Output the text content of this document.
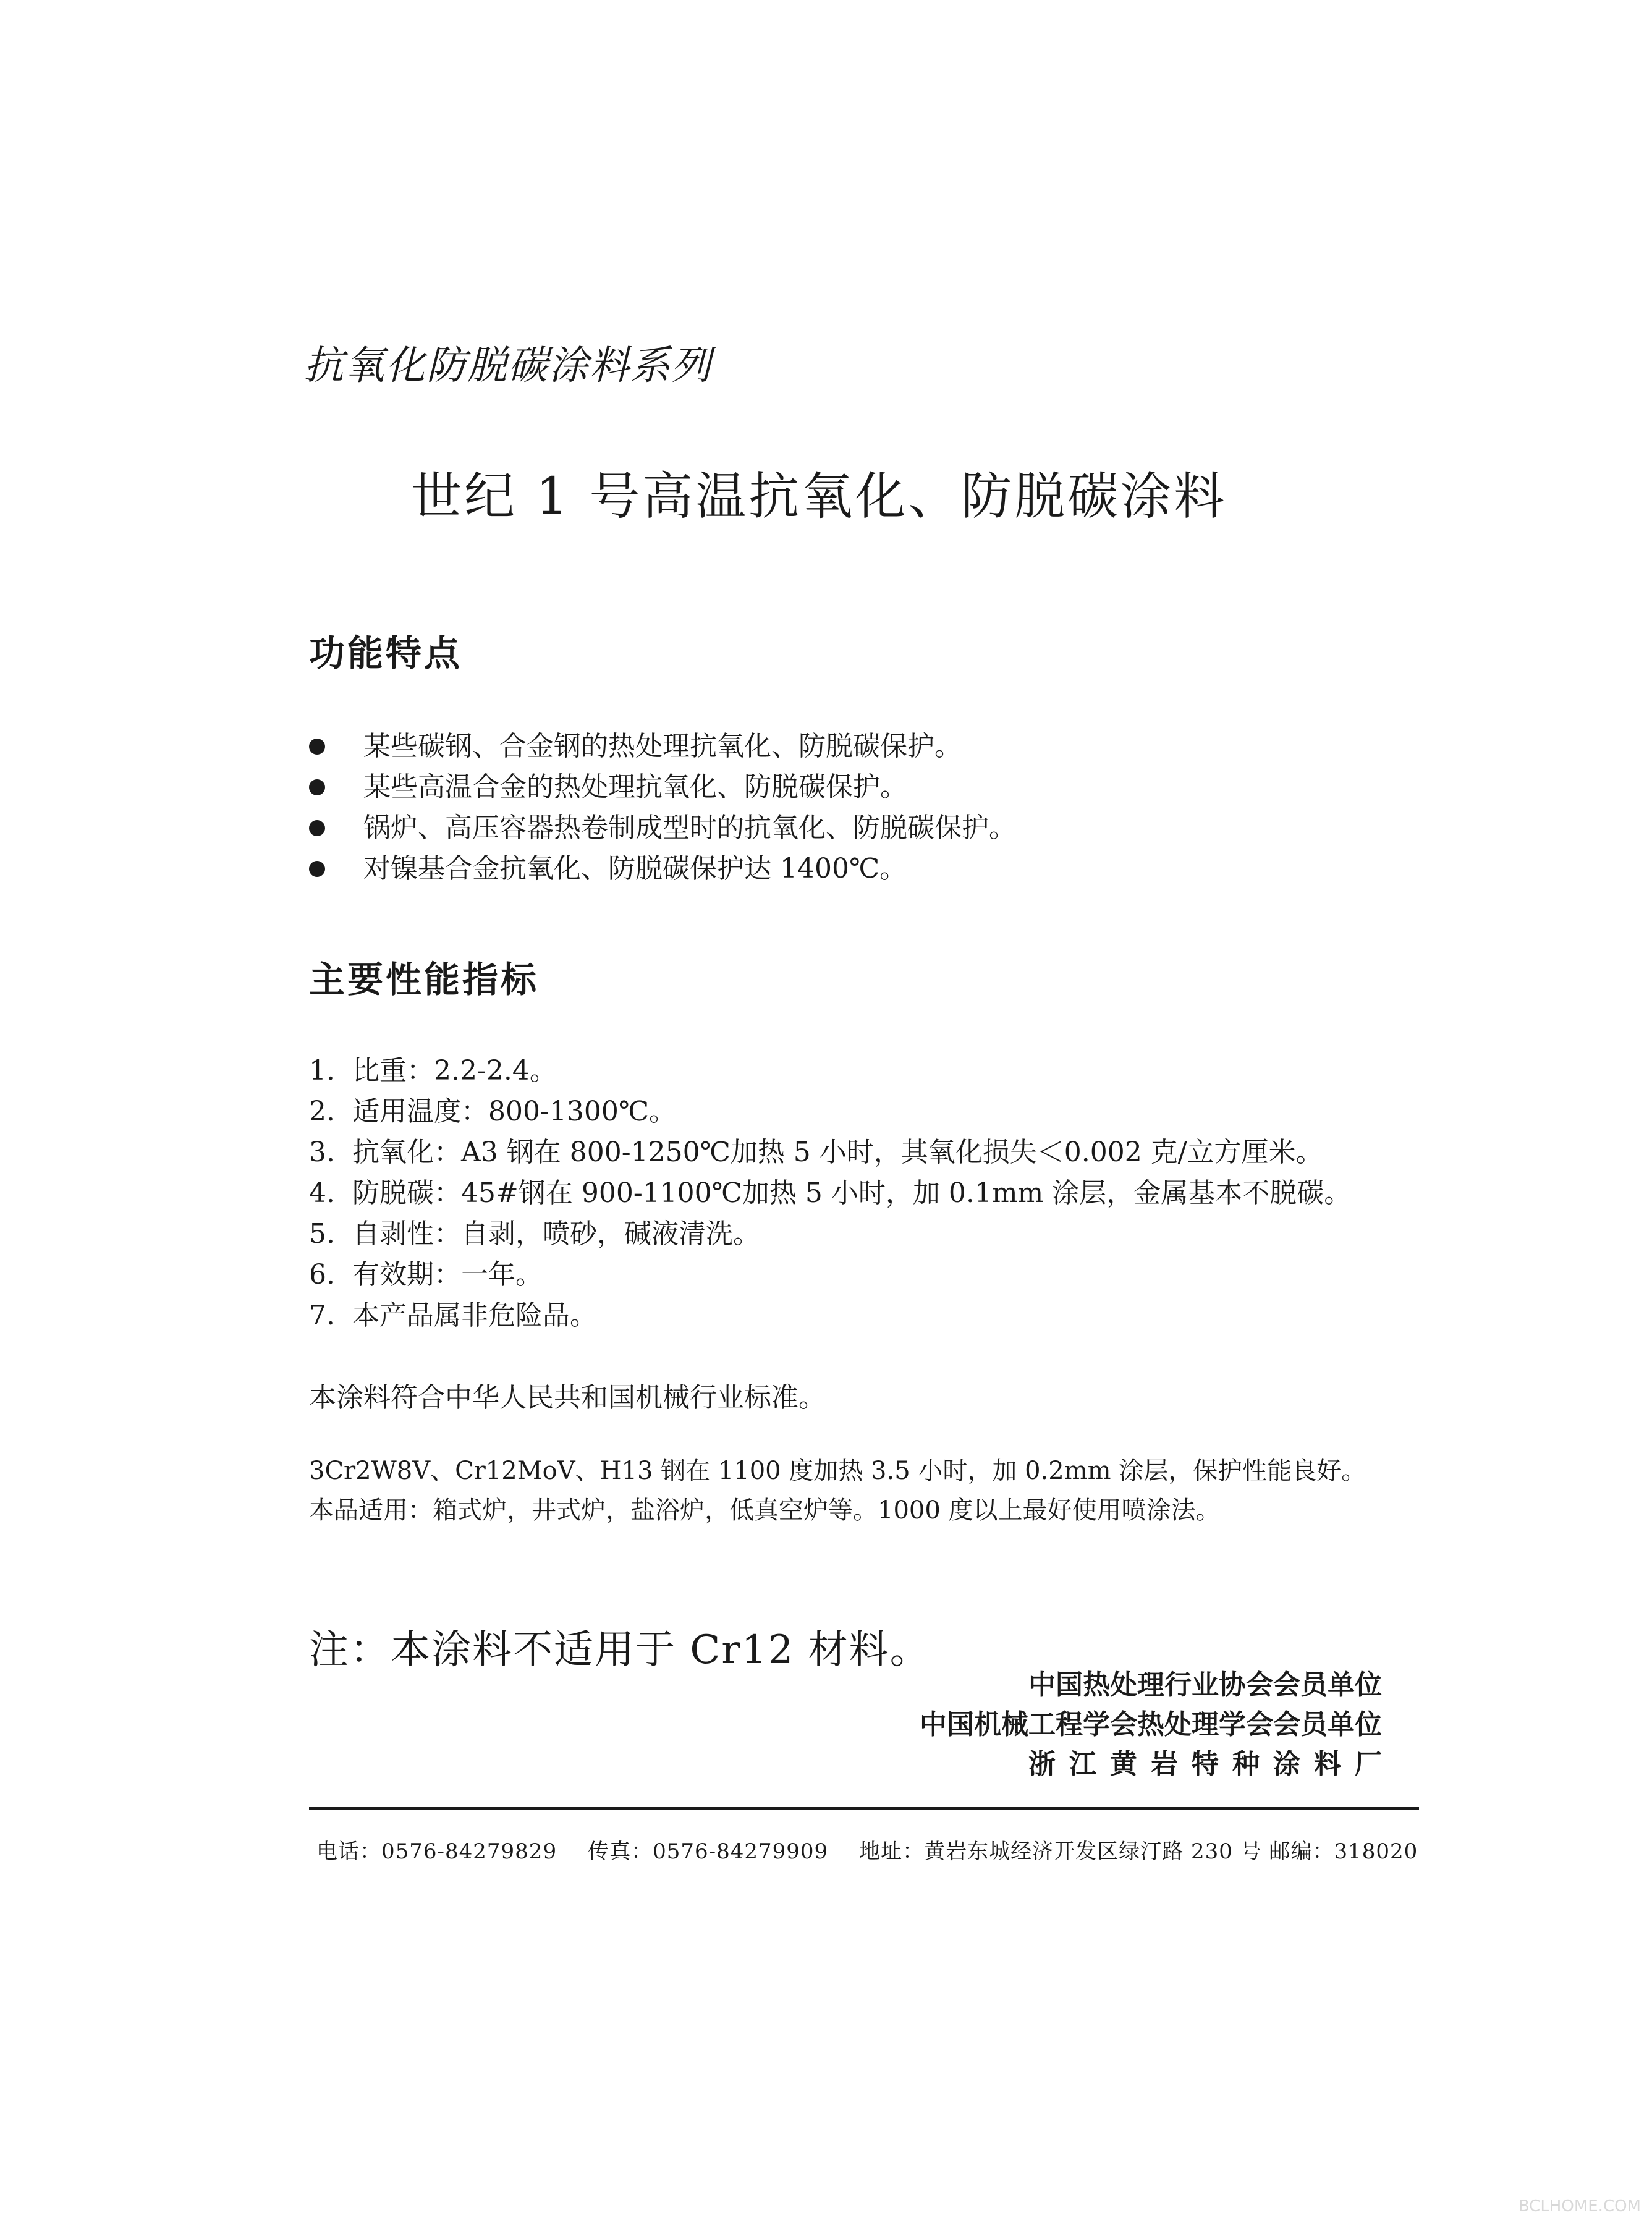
抗氧化防脱碳涂料系列
世纪 1 号高温抗氧化、防脱碳涂料
功能特点
某些碳钢、合金钢的热处理抗氧化、防脱碳保护。
某些高温合金的热处理抗氧化、防脱碳保护。
锅炉、高压容器热卷制成型时的抗氧化、防脱碳保护。
对镍基合金抗氧化、防脱碳保护达 1400℃。
主要性能指标
1. 比重：2.2-2.4。
2. 适用温度：800-1300℃。
3. 抗氧化：A3 钢在 800-1250℃加热 5 小时，其氧化损失＜0.002 克/立方厘米。
4. 防脱碳：45#钢在 900-1100℃加热 5 小时，加 0.1mm 涂层，金属基本不脱碳。
5. 自剥性：自剥，喷砂，碱液清洗。
6. 有效期：一年。
7. 本产品属非危险品。
本涂料符合中华人民共和国机械行业标准。
3Cr2W8V、Cr12MoV、H13 钢在 1100 度加热 3.5 小时，加 0.2mm 涂层，保护性能良好。
本品适用：箱式炉，井式炉，盐浴炉，低真空炉等。1000 度以上最好使用喷涂法。
注：本涂料不适用于 Cr12 材料。
中国热处理行业协会会员单位
中国机械工程学会热处理学会会员单位
浙江黄岩特种涂料厂
电话：0576-84279829 传真：0576-84279909 地址：黄岩东城经济开发区绿汀路 230 号 邮编：318020
BCLHOME.COM
